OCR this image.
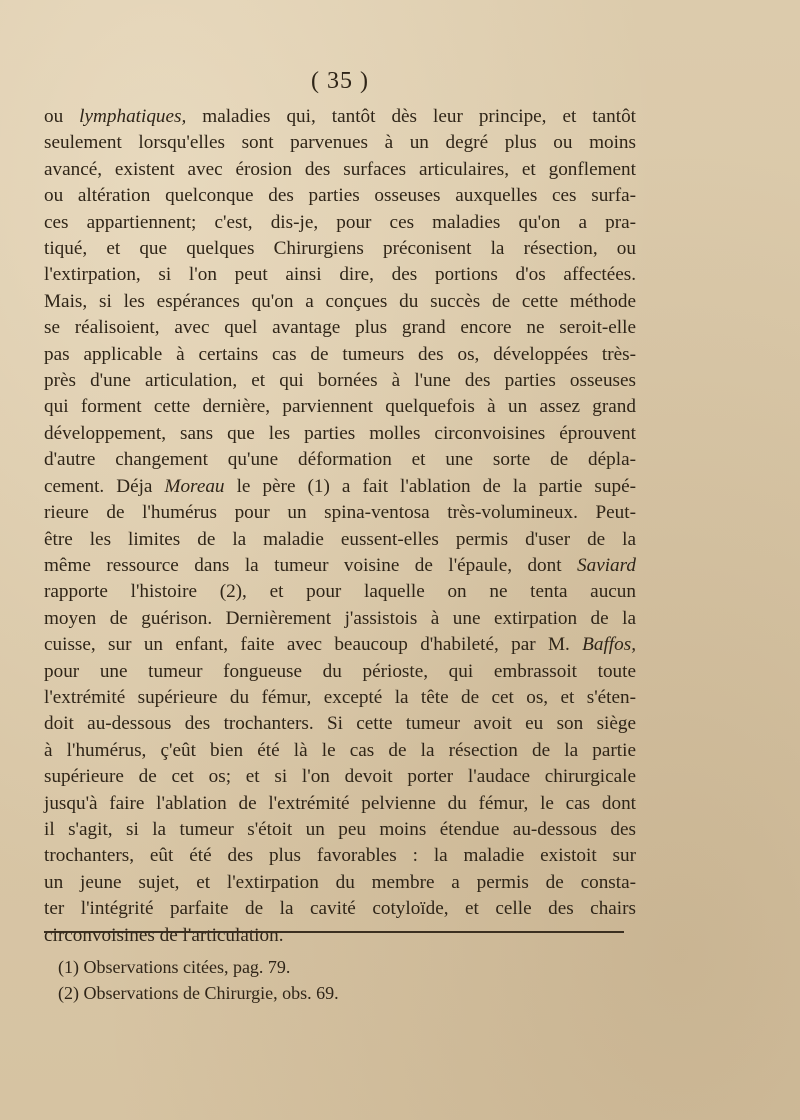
( 35 )
ou lymphatiques, maladies qui, tantôt dès leur principe, et tantôt
seulement lorsqu'elles sont parvenues à un degré plus ou moins
avancé, existent avec érosion des surfaces articulaires, et gonflement
ou altération quelconque des parties osseuses auxquelles ces surfa-
ces appartiennent; c'est, dis-je, pour ces maladies qu'on a pra-
tiqué, et que quelques Chirurgiens préconisent la résection, ou
l'extirpation, si l'on peut ainsi dire, des portions d'os affectées.
Mais, si les espérances qu'on a conçues du succès de cette méthode
se réalisoient, avec quel avantage plus grand encore ne seroit-elle
pas applicable à certains cas de tumeurs des os, développées très-
près d'une articulation, et qui bornées à l'une des parties osseuses
qui forment cette dernière, parviennent quelquefois à un assez grand
développement, sans que les parties molles circonvoisines éprouvent
d'autre changement qu'une déformation et une sorte de dépla-
cement. Déja Moreau le père (1) a fait l'ablation de la partie supé-
rieure de l'humérus pour un spina-ventosa très-volumineux. Peut-
être les limites de la maladie eussent-elles permis d'user de la
même ressource dans la tumeur voisine de l'épaule, dont Saviard
rapporte l'histoire (2), et pour laquelle on ne tenta aucun
moyen de guérison. Dernièrement j'assistois à une extirpation de la
cuisse, sur un enfant, faite avec beaucoup d'habileté, par M. Baffos,
pour une tumeur fongueuse du périoste, qui embrassoit toute
l'extrémité supérieure du fémur, excepté la tête de cet os, et s'éten-
doit au-dessous des trochanters. Si cette tumeur avoit eu son siège
à l'humérus, ç'eût bien été là le cas de la résection de la partie
supérieure de cet os; et si l'on devoit porter l'audace chirurgicale
jusqu'à faire l'ablation de l'extrémité pelvienne du fémur, le cas dont
il s'agit, si la tumeur s'étoit un peu moins étendue au-dessous des
trochanters, eût été des plus favorables : la maladie existoit sur
un jeune sujet, et l'extirpation du membre a permis de consta-
ter l'intégrité parfaite de la cavité cotyloïde, et celle des chairs
circonvoisines de l'articulation.
(1) Observations citées, pag. 79.
(2) Observations de Chirurgie, obs. 69.
